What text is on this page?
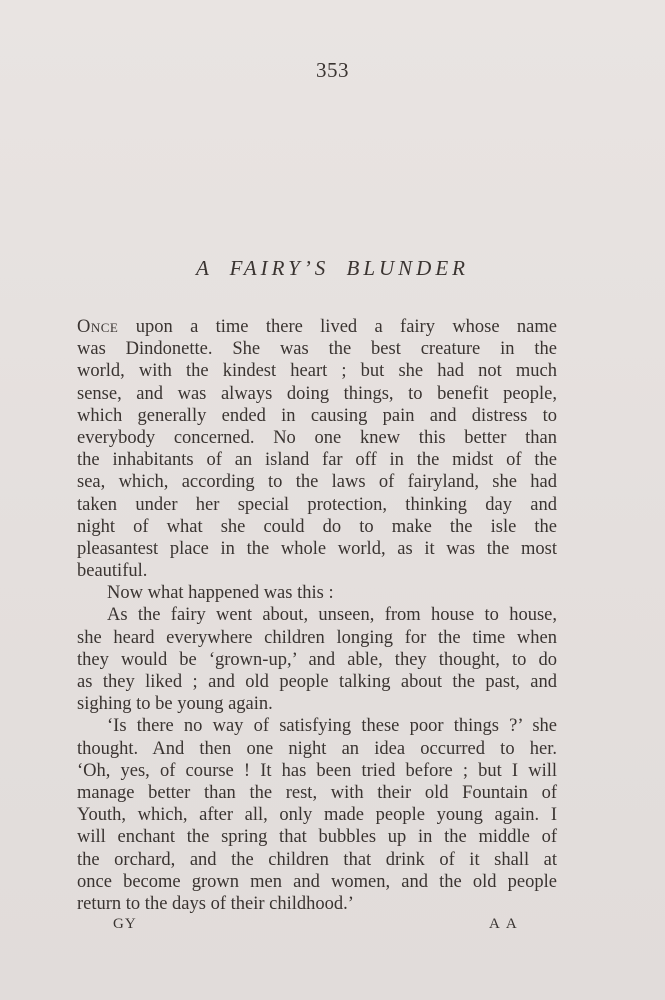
353
A FAIRY’S BLUNDER
Once upon a time there lived a fairy whose name
was Dindonette. She was the best creature in the
world, with the kindest heart ; but she had not much
sense, and was always doing things, to benefit people,
which generally ended in causing pain and distress to
everybody concerned. No one knew this better than
the inhabitants of an island far off in the midst of the
sea, which, according to the laws of fairyland, she had
taken under her special protection, thinking day and
night of what she could do to make the isle the
pleasantest place in the whole world, as it was the most
beautiful.
Now what happened was this :
As the fairy went about, unseen, from house to house,
she heard everywhere children longing for the time when
they would be ‘grown-up,’ and able, they thought, to do
as they liked ; and old people talking about the past, and
sighing to be young again.
‘Is there no way of satisfying these poor things ?’ she
thought. And then one night an idea occurred to her.
‘Oh, yes, of course ! It has been tried before ; but I will
manage better than the rest, with their old Fountain of
Youth, which, after all, only made people young again. I
will enchant the spring that bubbles up in the middle of
the orchard, and the children that drink of it shall at
once become grown men and women, and the old people
return to the days of their childhood.’
GY	A A
